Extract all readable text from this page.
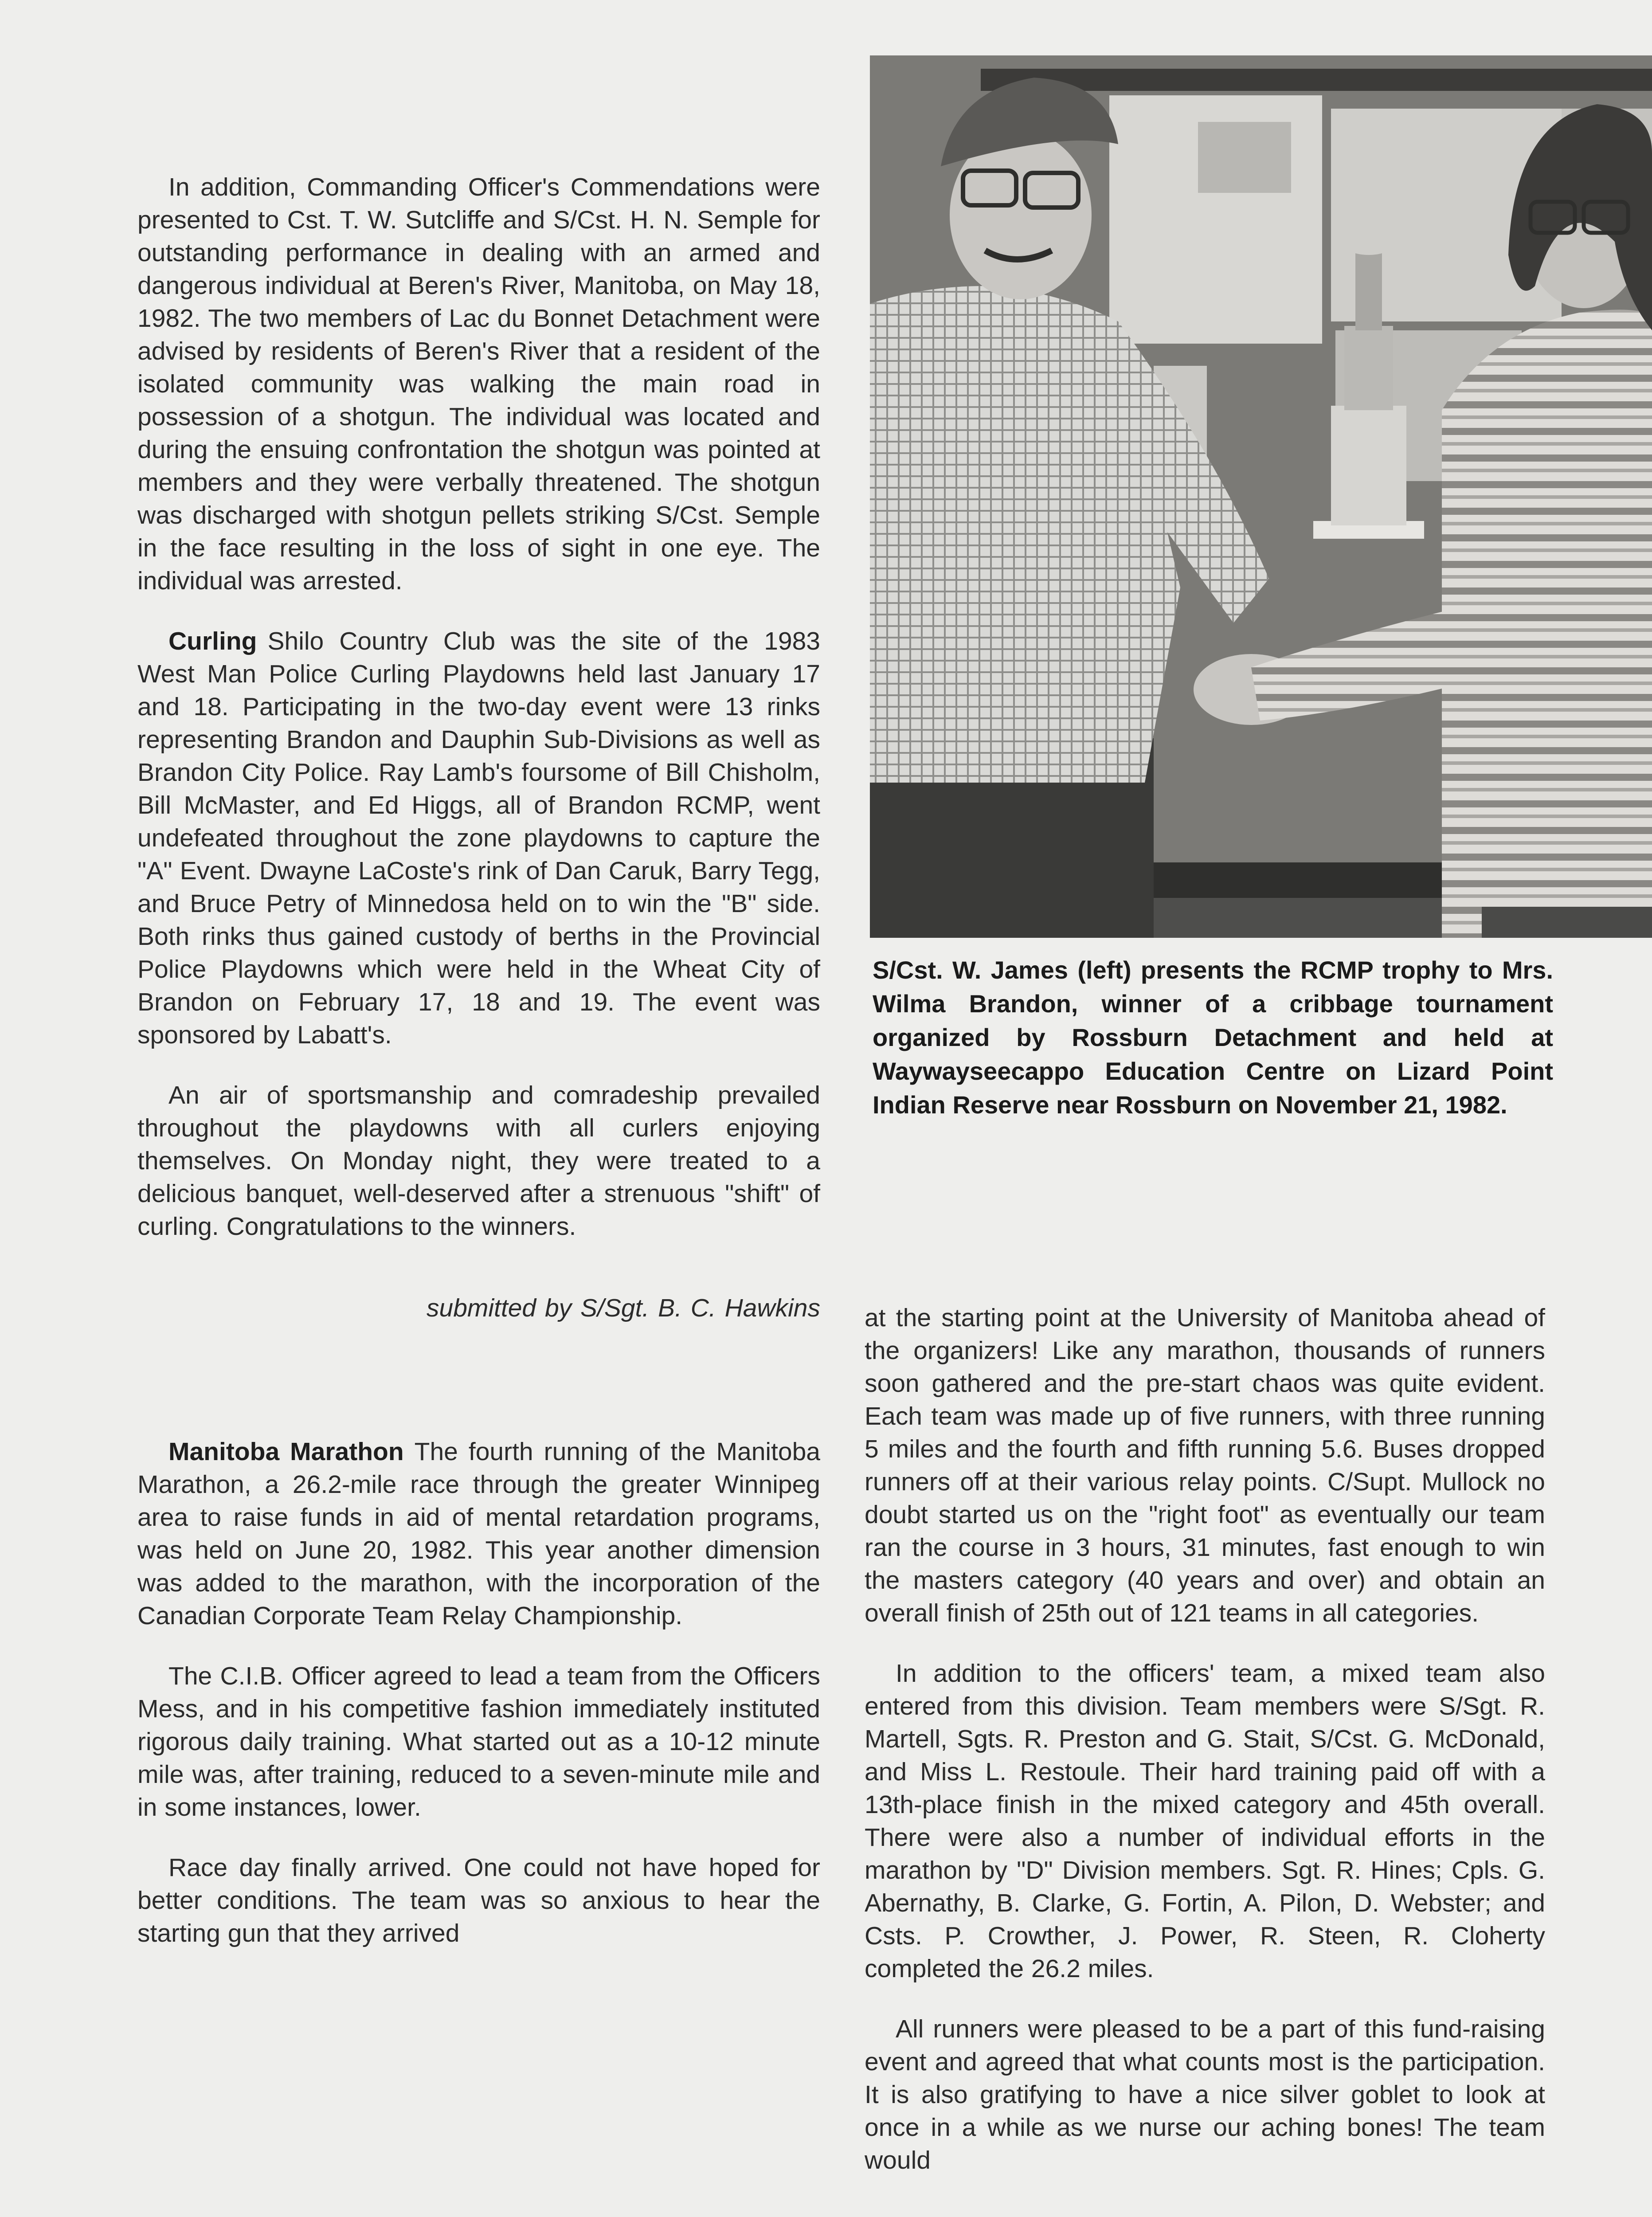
In addition, Commanding Officer's Commendations were presented to Cst. T. W. Sutcliffe and S/Cst. H. N. Semple for outstanding performance in dealing with an armed and dangerous individual at Beren's River, Manitoba, on May 18, 1982. The two members of Lac du Bonnet Detachment were advised by residents of Beren's River that a resident of the isolated community was walking the main road in possession of a shotgun. The individual was located and during the ensuing confrontation the shotgun was pointed at members and they were verbally threatened. The shotgun was discharged with shotgun pellets striking S/Cst. Semple in the face resulting in the loss of sight in one eye. The individual was arrested.

Curling Shilo Country Club was the site of the 1983 West Man Police Curling Playdowns held last January 17 and 18. Participating in the two-day event were 13 rinks representing Brandon and Dauphin Sub-Divisions as well as Brandon City Police. Ray Lamb's foursome of Bill Chisholm, Bill McMaster, and Ed Higgs, all of Brandon RCMP, went undefeated throughout the zone playdowns to capture the "A" Event. Dwayne LaCoste's rink of Dan Caruk, Barry Tegg, and Bruce Petry of Minnedosa held on to win the "B" side. Both rinks thus gained custody of berths in the Provincial Police Playdowns which were held in the Wheat City of Brandon on February 17, 18 and 19. The event was sponsored by Labatt's.

An air of sportsmanship and comradeship prevailed throughout the playdowns with all curlers enjoying themselves. On Monday night, they were treated to a delicious banquet, well-deserved after a strenuous "shift" of curling. Congratulations to the winners.

submitted by S/Sgt. B. C. Hawkins

Manitoba Marathon The fourth running of the Manitoba Marathon, a 26.2-mile race through the greater Winnipeg area to raise funds in aid of mental retardation programs, was held on June 20, 1982. This year another dimension was added to the marathon, with the incorporation of the Canadian Corporate Team Relay Championship.

The C.I.B. Officer agreed to lead a team from the Officers Mess, and in his competitive fashion immediately instituted rigorous daily training. What started out as a 10-12 minute mile was, after training, reduced to a seven-minute mile and in some instances, lower.

Race day finally arrived. One could not have hoped for better conditions. The team was so anxious to hear the starting gun that they arrived

S/Cst. W. James (left) presents the RCMP trophy to Mrs. Wilma Brandon, winner of a cribbage tournament organized by Rossburn Detachment and held at Waywayseecappo Education Centre on Lizard Point Indian Reserve near Rossburn on November 21, 1982.

at the starting point at the University of Manitoba ahead of the organizers! Like any marathon, thousands of runners soon gathered and the pre-start chaos was quite evident. Each team was made up of five runners, with three running 5 miles and the fourth and fifth running 5.6. Buses dropped runners off at their various relay points. C/Supt. Mullock no doubt started us on the "right foot" as eventually our team ran the course in 3 hours, 31 minutes, fast enough to win the masters category (40 years and over) and obtain an overall finish of 25th out of 121 teams in all categories.

In addition to the officers' team, a mixed team also entered from this division. Team members were S/Sgt. R. Martell, Sgts. R. Preston and G. Stait, S/Cst. G. McDonald, and Miss L. Restoule. Their hard training paid off with a 13th-place finish in the mixed category and 45th overall. There were also a number of individual efforts in the marathon by "D" Division members. Sgt. R. Hines; Cpls. G. Abernathy, B. Clarke, G. Fortin, A. Pilon, D. Webster; and Csts. P. Crowther, J. Power, R. Steen, R. Cloherty completed the 26.2 miles.

All runners were pleased to be a part of this fund-raising event and agreed that what counts most is the participation. It is also gratifying to have a nice silver goblet to look at once in a while as we nurse our aching bones! The team would
